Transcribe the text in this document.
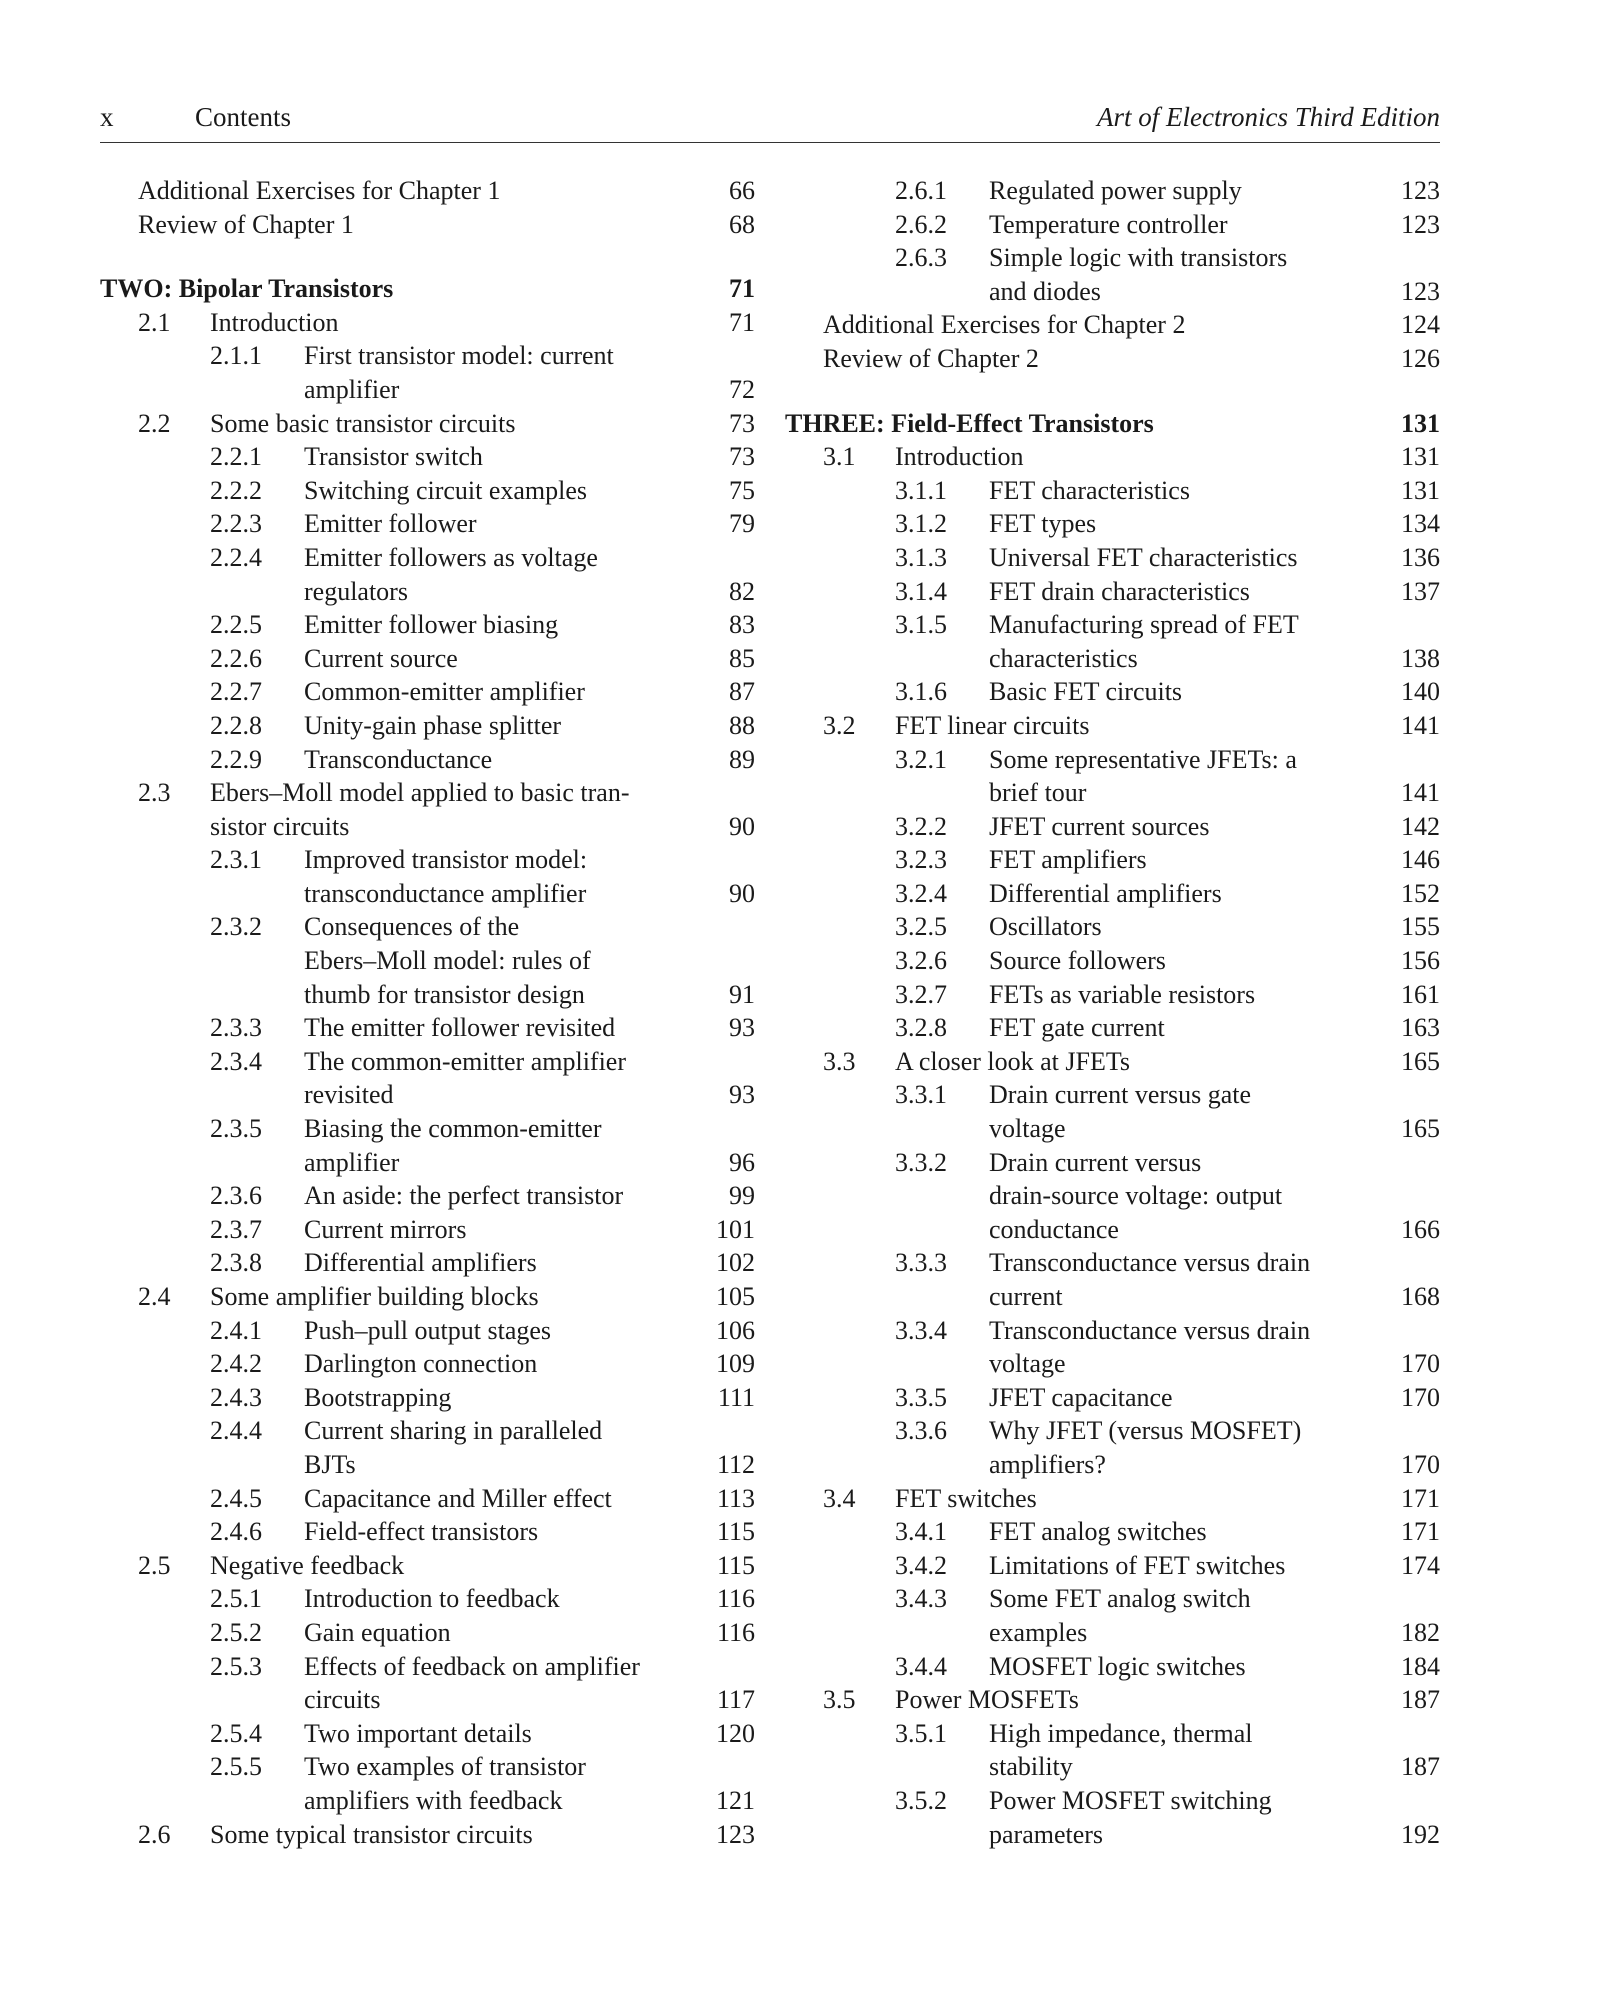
x	Contents	Art of Electronics Third Edition
Additional Exercises for Chapter 1	66
Review of Chapter 1	68
TWO: Bipolar Transistors	71
2.1 Introduction	71
2.1.1 First transistor model: current
amplifier	72
2.2 Some basic transistor circuits	73
2.2.1 Transistor switch	73
2.2.2 Switching circuit examples	75
2.2.3 Emitter follower	79
2.2.4 Emitter followers as voltage
regulators	82
2.2.5 Emitter follower biasing	83
2.2.6 Current source	85
2.2.7 Common-emitter amplifier	87
2.2.8 Unity-gain phase splitter	88
2.2.9 Transconductance	89
2.3 Ebers–Moll model applied to basic tran-
sistor circuits	90
2.3.1 Improved transistor model:
transconductance amplifier	90
2.3.2 Consequences of the
Ebers–Moll model: rules of
thumb for transistor design	91
2.3.3 The emitter follower revisited	93
2.3.4 The common-emitter amplifier
revisited	93
2.3.5 Biasing the common-emitter
amplifier	96
2.3.6 An aside: the perfect transistor	99
2.3.7 Current mirrors	101
2.3.8 Differential amplifiers	102
2.4 Some amplifier building blocks	105
2.4.1 Push–pull output stages	106
2.4.2 Darlington connection	109
2.4.3 Bootstrapping	111
2.4.4 Current sharing in paralleled
BJTs	112
2.4.5 Capacitance and Miller effect	113
2.4.6 Field-effect transistors	115
2.5 Negative feedback	115
2.5.1 Introduction to feedback	116
2.5.2 Gain equation	116
2.5.3 Effects of feedback on amplifier
circuits	117
2.5.4 Two important details	120
2.5.5 Two examples of transistor
amplifiers with feedback	121
2.6 Some typical transistor circuits	123
2.6.1 Regulated power supply	123
2.6.2 Temperature controller	123
2.6.3 Simple logic with transistors
and diodes	123
Additional Exercises for Chapter 2	124
Review of Chapter 2	126
THREE: Field-Effect Transistors	131
3.1 Introduction	131
3.1.1 FET characteristics	131
3.1.2 FET types	134
3.1.3 Universal FET characteristics	136
3.1.4 FET drain characteristics	137
3.1.5 Manufacturing spread of FET
characteristics	138
3.1.6 Basic FET circuits	140
3.2 FET linear circuits	141
3.2.1 Some representative JFETs: a
brief tour	141
3.2.2 JFET current sources	142
3.2.3 FET amplifiers	146
3.2.4 Differential amplifiers	152
3.2.5 Oscillators	155
3.2.6 Source followers	156
3.2.7 FETs as variable resistors	161
3.2.8 FET gate current	163
3.3 A closer look at JFETs	165
3.3.1 Drain current versus gate
voltage	165
3.3.2 Drain current versus
drain-source voltage: output
conductance	166
3.3.3 Transconductance versus drain
current	168
3.3.4 Transconductance versus drain
voltage	170
3.3.5 JFET capacitance	170
3.3.6 Why JFET (versus MOSFET)
amplifiers?	170
3.4 FET switches	171
3.4.1 FET analog switches	171
3.4.2 Limitations of FET switches	174
3.4.3 Some FET analog switch
examples	182
3.4.4 MOSFET logic switches	184
3.5 Power MOSFETs	187
3.5.1 High impedance, thermal
stability	187
3.5.2 Power MOSFET switching
parameters	192
